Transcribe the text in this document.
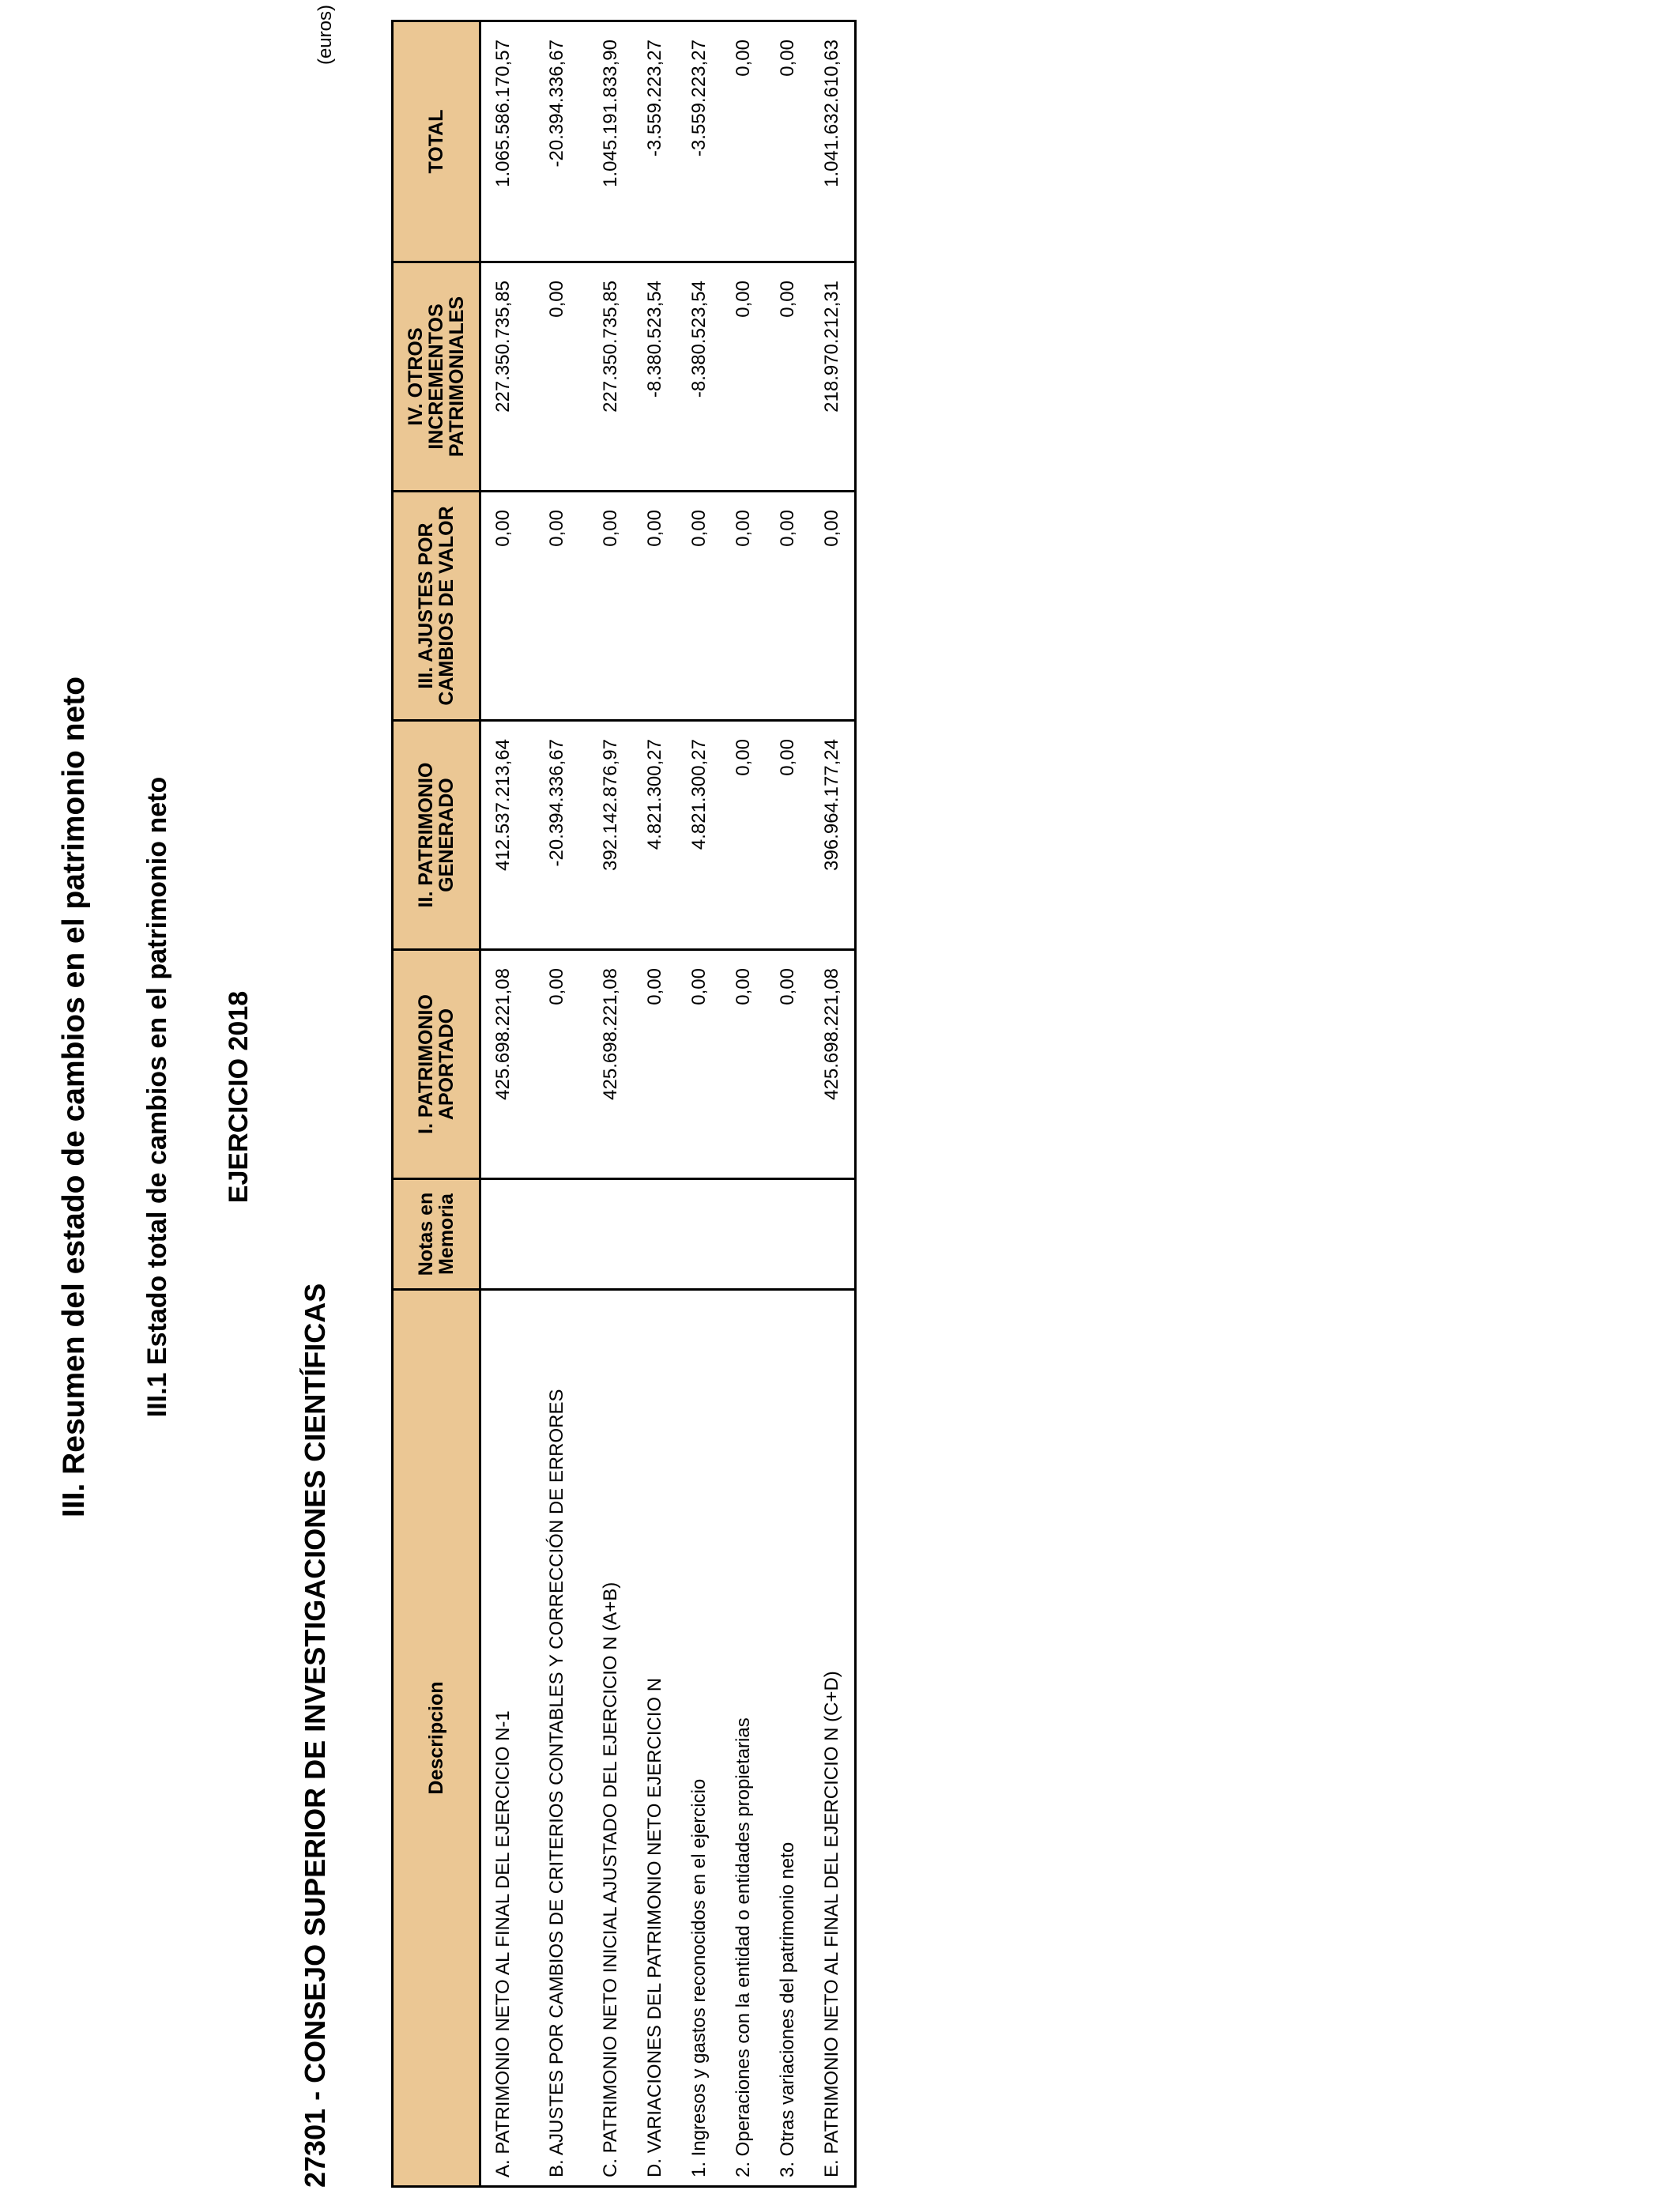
III. Resumen del estado de cambios en el patrimonio neto III.1 Estado total de cambios en el patrimonio neto EJERCICIO 2018
27301 - CONSEJO SUPERIOR DE INVESTIGACIONES CIENTÍFICAS
(euros)
Descripcion	Notas en Memoria	I. PATRIMONIO APORTADO	II. PATRIMONIO GENERADO	III. AJUSTES POR CAMBIOS DE VALOR	IV. OTROS INCREMENTOS PATRIMONIALES	TOTAL
A. PATRIMONIO NETO AL FINAL DEL EJERCICIO N-1		425.698.221,08	412.537.213,64	0,00	227.350.735,85	1.065.586.170,57
B. AJUSTES POR CAMBIOS DE CRITERIOS CONTABLES Y CORRECCIÓN DE ERRORES		0,00	-20.394.336,67	0,00	0,00	-20.394.336,67
C. PATRIMONIO NETO INICIAL AJUSTADO DEL EJERCICIO N (A+B)		425.698.221,08	392.142.876,97	0,00	227.350.735,85	1.045.191.833,90
D. VARIACIONES DEL PATRIMONIO NETO EJERCICIO N		0,00	4.821.300,27	0,00	-8.380.523,54	-3.559.223,27
1. Ingresos y gastos reconocidos en el ejercicio		0,00	4.821.300,27	0,00	-8.380.523,54	-3.559.223,27
2. Operaciones con la entidad o entidades propietarias		0,00	0,00	0,00	0,00	0,00
3. Otras variaciones del patrimonio neto		0,00	0,00	0,00	0,00	0,00
E. PATRIMONIO NETO AL FINAL DEL EJERCICIO N (C+D)		425.698.221,08	396.964.177,24	0,00	218.970.212,31	1.041.632.610,63
